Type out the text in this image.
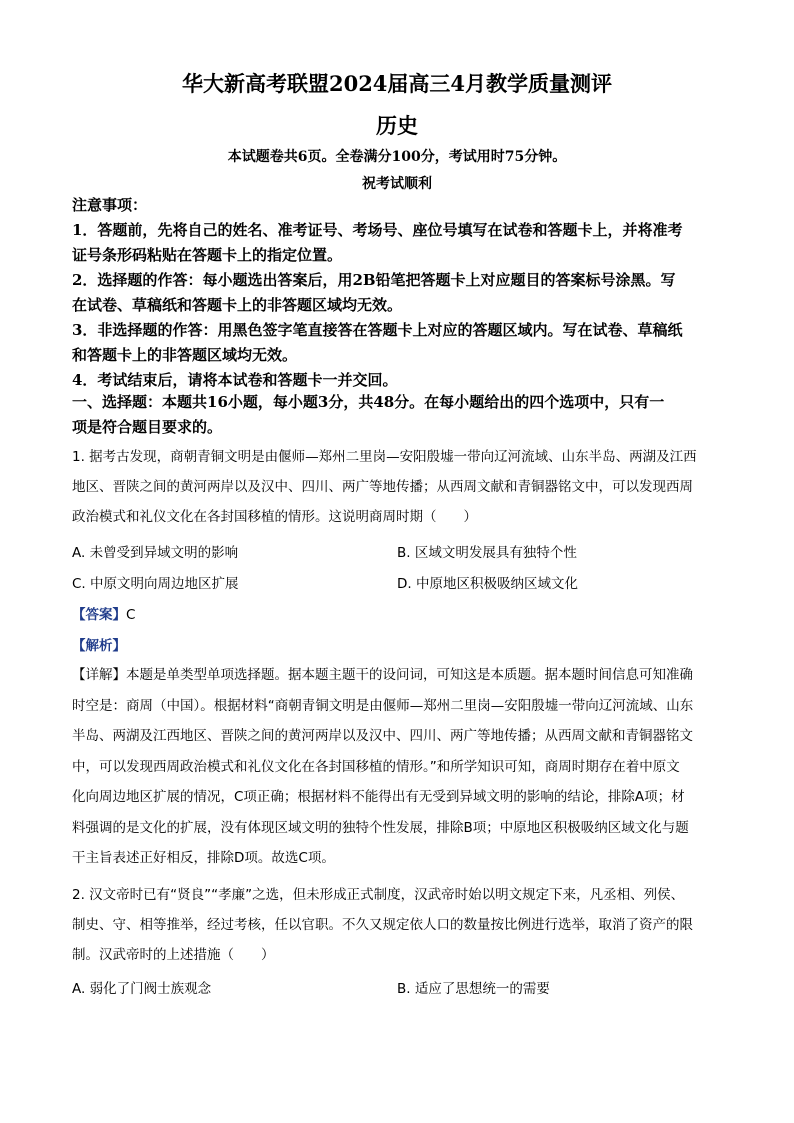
华大新高考联盟2024届高三4月教学质量测评
历史
本试题卷共6页。全卷满分100分，考试用时75分钟。
祝考试顺利

注意事项：

1．答题前，先将自己的姓名、准考证号、考场号、座位号填写在试卷和答题卡上，并将准考

证号条形码粘贴在答题卡上的指定位置。

2．选择题的作答：每小题选出答案后，用2B铅笔把答题卡上对应题目的答案标号涂黑。写

在试卷、草稿纸和答题卡上的非答题区域均无效。

3．非选择题的作答：用黑色签字笔直接答在答题卡上对应的答题区域内。写在试卷、草稿纸

和答题卡上的非答题区域均无效。

4．考试结束后，请将本试卷和答题卡一并交回。

一、选择题：本题共16小题，每小题3分，共48分。在每小题给出的四个选项中，只有一
项是符合题目要求的。

1. 据考古发现，商朝青铜文明是由偃师—郑州二里岗—安阳殷墟一带向辽河流域、山东半岛、两湖及江西

地区、晋陕之间的黄河两岸以及汉中、四川、两广等地传播；从西周文献和青铜器铭文中，可以发现西周

政治模式和礼仪文化在各封国移植的情形。这说明商周时期（　　）

A. 未曾受到异域文明的影响	B. 区域文明发展具有独特个性
C. 中原文明向周边地区扩展	D. 中原地区积极吸纳区域文化
【答案】C
【解析】

【详解】本题是单类型单项选择题。据本题主题干的设问词，可知这是本质题。据本题时间信息可知准确

时空是：商周（中国）。根据材料“商朝青铜文明是由偃师—郑州二里岗—安阳殷墟一带向辽河流域、山东

半岛、两湖及江西地区、晋陕之间的黄河两岸以及汉中、四川、两广等地传播；从西周文献和青铜器铭文

中，可以发现西周政治模式和礼仪文化在各封国移植的情形。”和所学知识可知，商周时期存在着中原文

化向周边地区扩展的情况，C项正确；根据材料不能得出有无受到异域文明的影响的结论，排除A项；材

料强调的是文化的扩展，没有体现区域文明的独特个性发展，排除B项；中原地区积极吸纳区域文化与题

干主旨表述正好相反，排除D项。故选C项。

2. 汉文帝时已有“贤良”“孝廉”之选，但未形成正式制度，汉武帝时始以明文规定下来，凡丞相、列侯、

制史、守、相等推举，经过考核，任以官职。不久又规定依人口的数量按比例进行选举，取消了资产的限

制。汉武帝时的上述措施（　　）

A. 弱化了门阀士族观念	B. 适应了思想统一的需要
